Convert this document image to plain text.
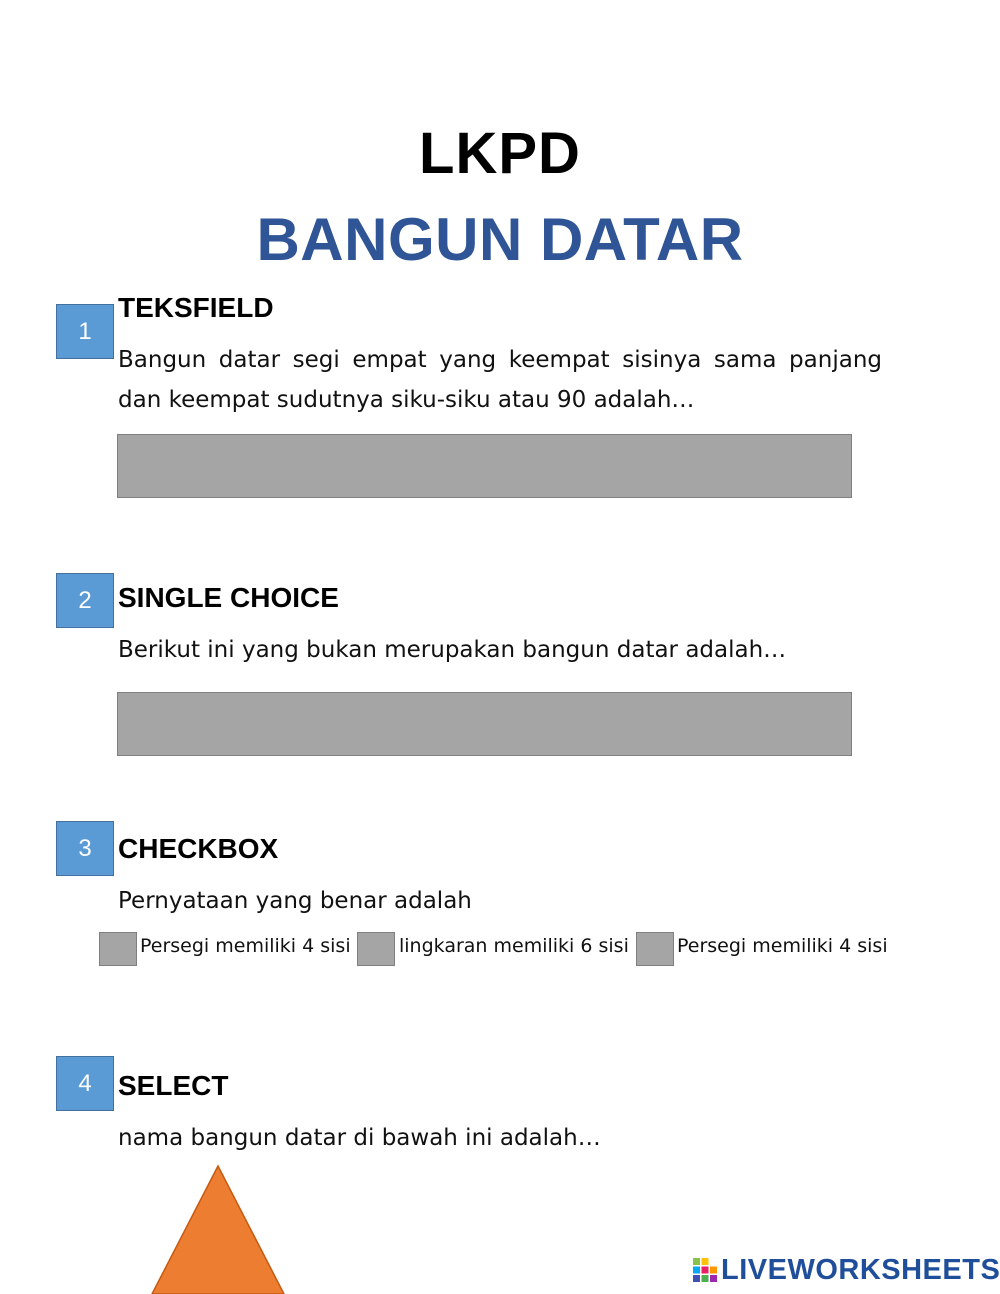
LKPD
BANGUN DATAR
1
TEKSFIELD
Bangun datar segi empat yang keempat sisinya sama panjang dan keempat sudutnya siku-siku atau 90 adalah…
2 SINGLE CHOICE
Berikut ini yang bukan merupakan bangun datar adalah…
3 CHECKBOX
Pernyataan yang benar adalah
Persegi memiliki 4 sisi	lingkaran memiliki 6 sisi	Persegi memiliki 4 sisi
4 SELECT
nama bangun datar di bawah ini adalah…
LIVEWORKSHEETS
